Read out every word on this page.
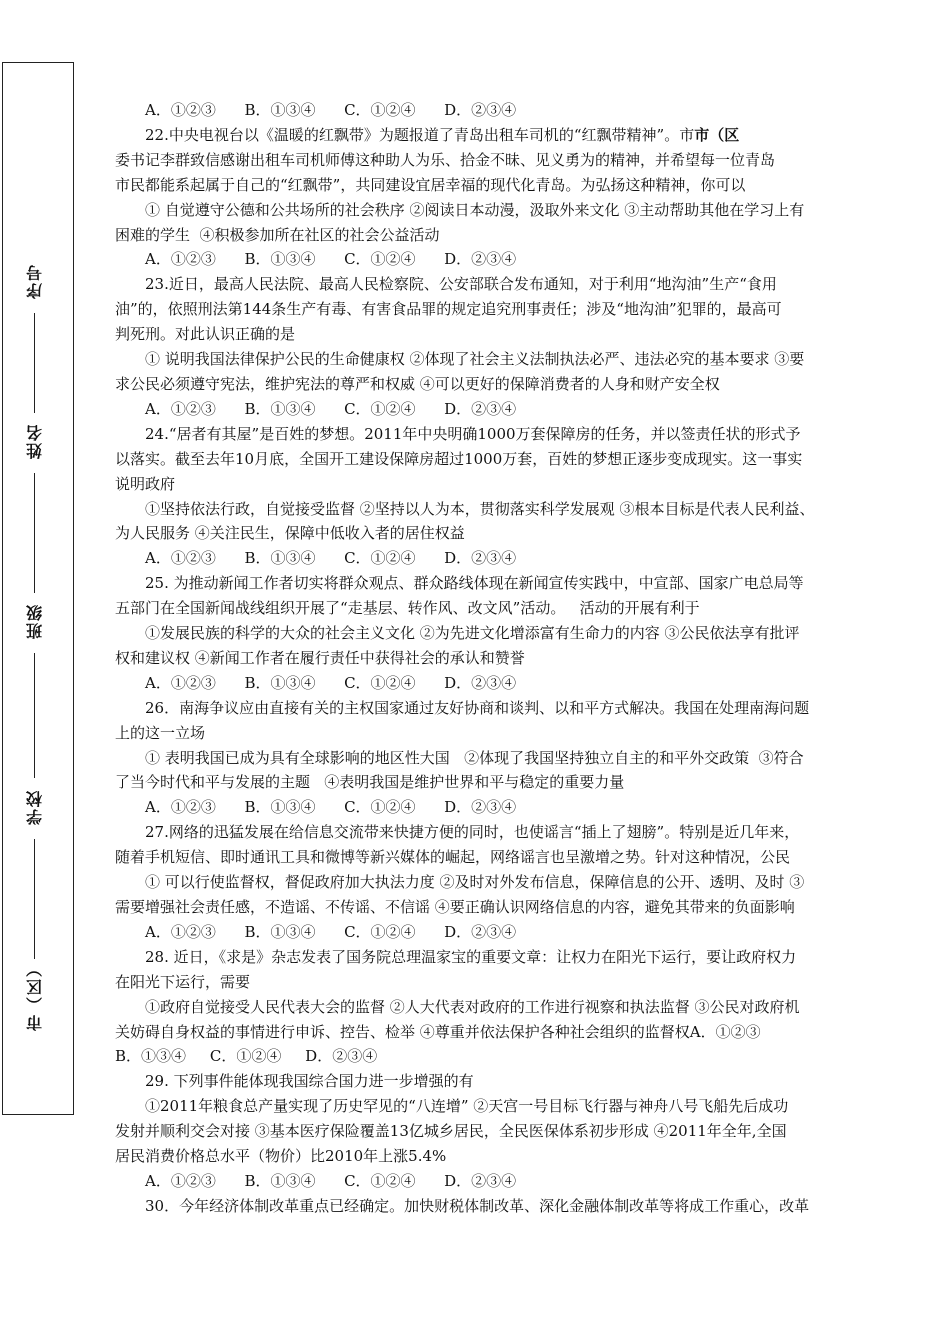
序号
姓名
班级
学校
市（区）

A．①②③      B．①③④      C．①②④      D．②③④

22.中央电视台以《温暖的红飘带》为题报道了青岛出租车司机的“红飘带精神”。市市（区

委书记李群致信感谢出租车司机师傅这种助人为乐、拾金不昧、见义勇为的精神，并希望每一位青岛

市民都能系起属于自己的“红飘带”，共同建设宜居幸福的现代化青岛。为弘扬这种精神，你可以

① 自觉遵守公德和公共场所的社会秩序 ②阅读日本动漫，汲取外来文化 ③主动帮助其他在学习上有

困难的学生  ④积极参加所在社区的社会公益活动

A．①②③      B．①③④      C．①②④      D．②③④

23.近日，最高人民法院、最高人民检察院、公安部联合发布通知，对于利用“地沟油”生产“食用

油”的，依照刑法第144条生产有毒、有害食品罪的规定追究刑事责任；涉及“地沟油”犯罪的，最高可

判死刑。对此认识正确的是

① 说明我国法律保护公民的生命健康权 ②体现了社会主义法制执法必严、违法必究的基本要求 ③要

求公民必须遵守宪法，维护宪法的尊严和权威 ④可以更好的保障消费者的人身和财产安全权

A．①②③      B．①③④      C．①②④      D．②③④

24.“居者有其屋”是百姓的梦想。2011年中央明确1000万套保障房的任务，并以签责任状的形式予

以落实。截至去年10月底，全国开工建设保障房超过1000万套，百姓的梦想正逐步变成现实。这一事实

说明政府

①坚持依法行政，自觉接受监督 ②坚持以人为本，贯彻落实科学发展观 ③根本目标是代表人民利益、

为人民服务 ④关注民生，保障中低收入者的居住权益

A．①②③      B．①③④      C．①②④      D．②③④

25. 为推动新闻工作者切实将群众观点、群众路线体现在新闻宣传实践中，中宣部、国家广电总局等

五部门在全国新闻战线组织开展了“走基层、转作风、改文风”活动。   活动的开展有利于

①发展民族的科学的大众的社会主义文化 ②为先进文化增添富有生命力的内容 ③公民依法享有批评

权和建议权 ④新闻工作者在履行责任中获得社会的承认和赞誉

A．①②③      B．①③④      C．①②④      D．②③④

26．南海争议应由直接有关的主权国家通过友好协商和谈判、以和平方式解决。我国在处理南海问题

上的这一立场

① 表明我国已成为具有全球影响的地区性大国   ②体现了我国坚持独立自主的和平外交政策  ③符合

了当今时代和平与发展的主题   ④表明我国是维护世界和平与稳定的重要力量

A．①②③      B．①③④      C．①②④      D．②③④

27.网络的迅猛发展在给信息交流带来快捷方便的同时，也使谣言“插上了翅膀”。特别是近几年来，

随着手机短信、即时通讯工具和微博等新兴媒体的崛起，网络谣言也呈激增之势。针对这种情况，公民

① 可以行使监督权，督促政府加大执法力度 ②及时对外发布信息，保障信息的公开、透明、及时 ③

需要增强社会责任感，不造谣、不传谣、不信谣 ④要正确认识网络信息的内容，避免其带来的负面影响

A．①②③      B．①③④      C．①②④      D．②③④

28. 近日，《求是》杂志发表了国务院总理温家宝的重要文章：让权力在阳光下运行，要让政府权力

在阳光下运行，需要

①政府自觉接受人民代表大会的监督 ②人大代表对政府的工作进行视察和执法监督 ③公民对政府机

关妨碍自身权益的事情进行申诉、控告、检举 ④尊重并依法保护各种社会组织的监督权A．①②③

B．①③④     C．①②④     D．②③④

29. 下列事件能体现我国综合国力进一步增强的有

①2011年粮食总产量实现了历史罕见的“八连增” ②天宫一号目标飞行器与神舟八号飞船先后成功

发射并顺利交会对接 ③基本医疗保险覆盖13亿城乡居民，全民医保体系初步形成 ④2011年全年,全国

居民消费价格总水平（物价）比2010年上涨5.4%

A．①②③      B．①③④      C．①②④      D．②③④

30．今年经济体制改革重点已经确定。加快财税体制改革、深化金融体制改革等将成工作重心，改革
